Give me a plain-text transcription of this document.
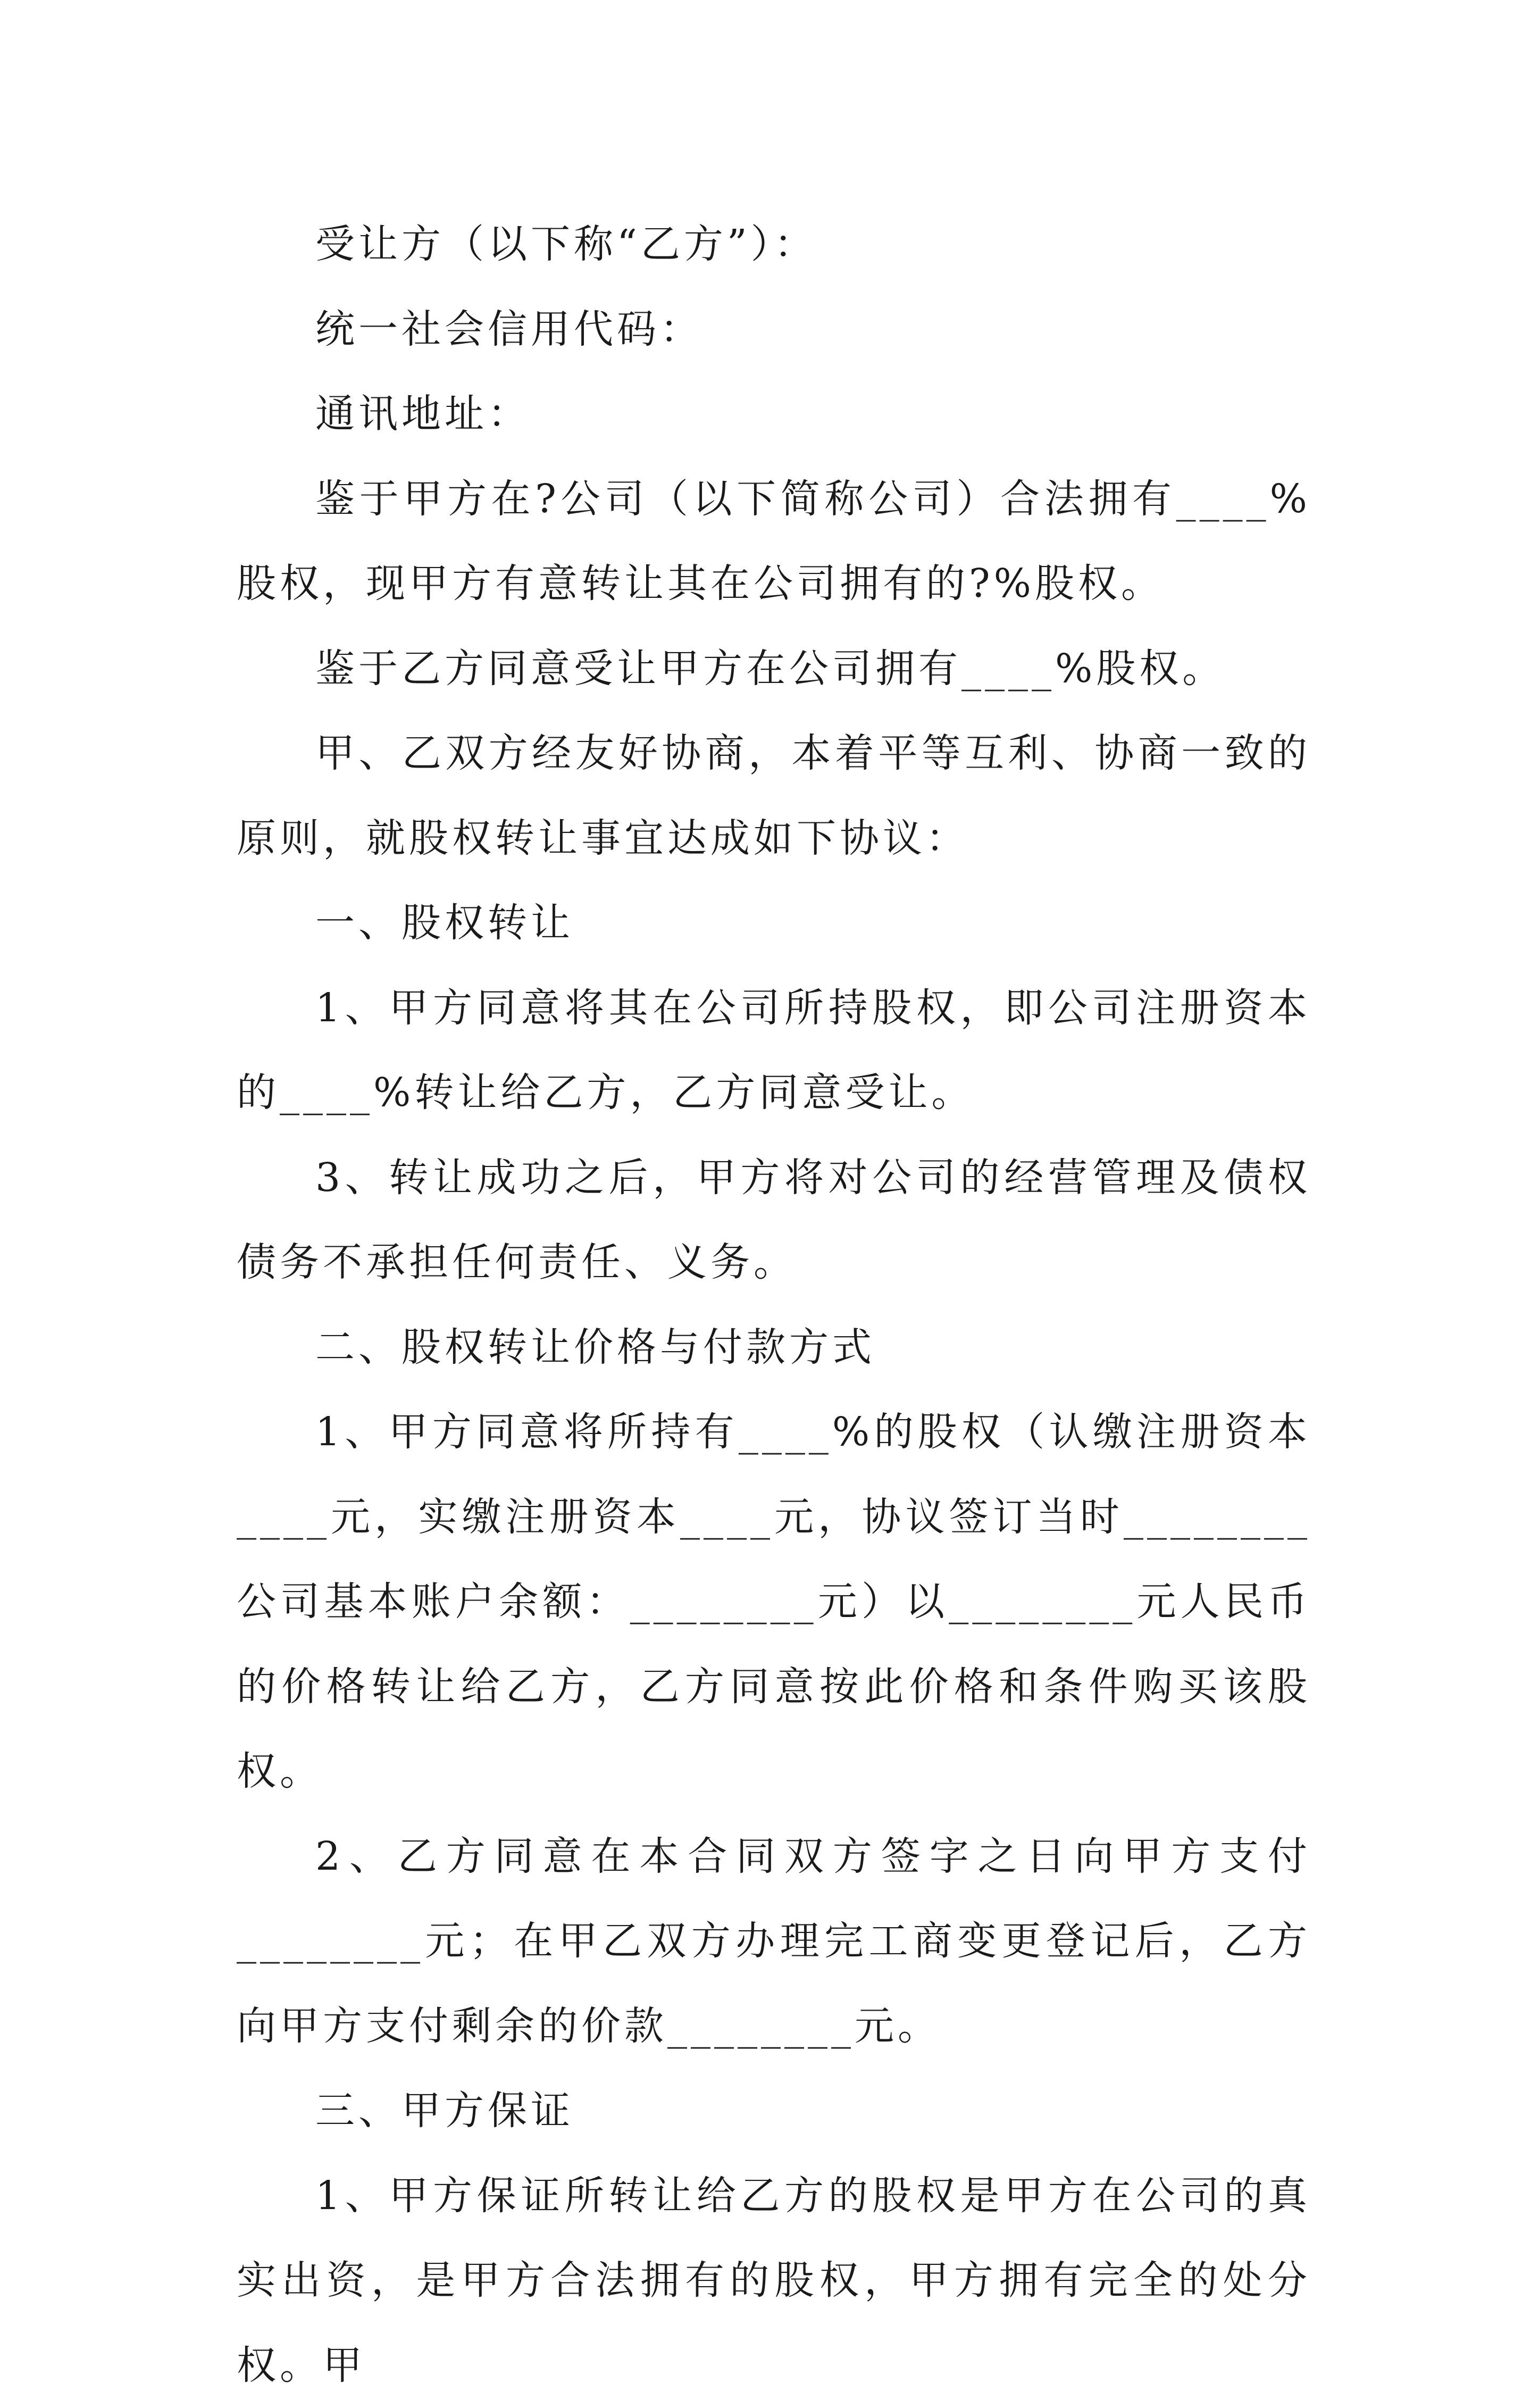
受让方（以下称“乙方”）：

统一社会信用代码：

通讯地址：

鉴于甲方在?公司（以下简称公司）合法拥有____%股权，现甲方有意转让其在公司拥有的?%股权。

鉴于乙方同意受让甲方在公司拥有____%股权。

甲、乙双方经友好协商，本着平等互利、协商一致的原则，就股权转让事宜达成如下协议：

一、股权转让

1、甲方同意将其在公司所持股权，即公司注册资本的____%转让给乙方，乙方同意受让。

3、转让成功之后，甲方将对公司的经营管理及债权债务不承担任何责任、义务。

二、股权转让价格与付款方式

1、甲方同意将所持有____%的股权（认缴注册资本____元，实缴注册资本____元，协议签订当时________公司基本账户余额：________元）以________元人民币的价格转让给乙方，乙方同意按此价格和条件购买该股权。

2、乙方同意在本合同双方签字之日向甲方支付________元；在甲乙双方办理完工商变更登记后，乙方向甲方支付剩余的价款________元。

三、甲方保证

1、甲方保证所转让给乙方的股权是甲方在公司的真实出资，是甲方合法拥有的股权，甲方拥有完全的处分权。甲
